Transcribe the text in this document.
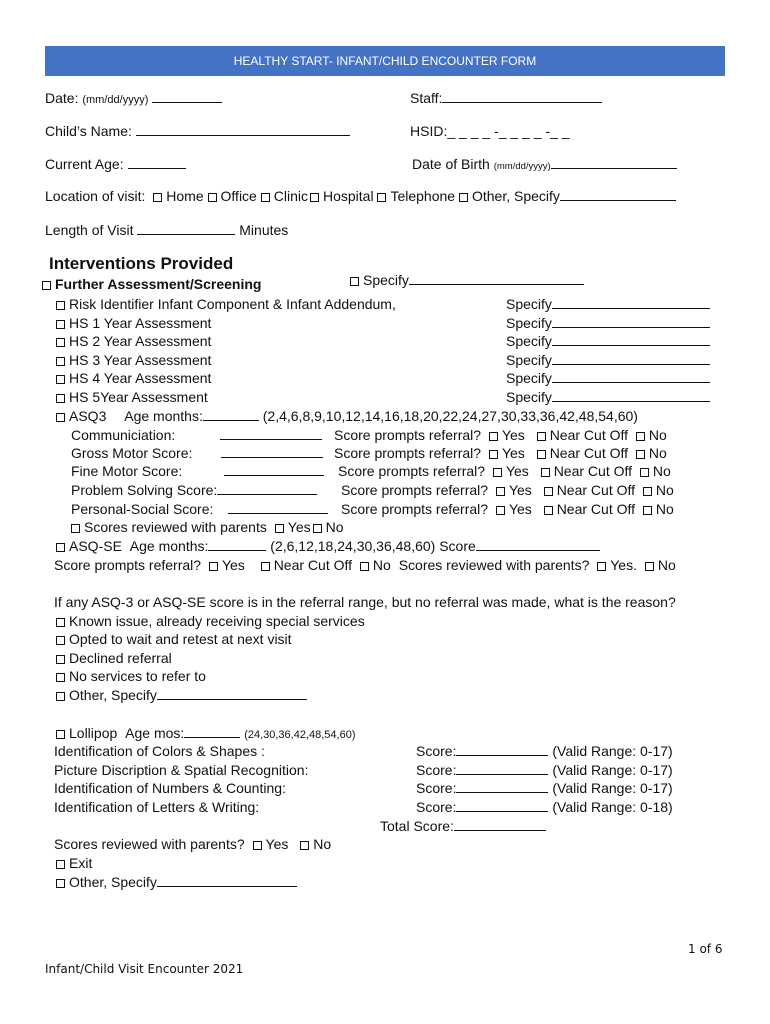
HEALTHY START- INFANT/CHILD ENCOUNTER FORM
Date: (mm/dd/yyyy)	Staff:
Child’s Name:	HSID:_ _ _ _ -_ _ _ _ -_ _
Current Age:	Date of Birth (mm/dd/yyyy)
Location of visit: Home Office Clinic Hospital Telephone Other, Specify
Length of Visit	Minutes
Interventions Provided
Further Assessment/Screening	Specify
Risk Identifier Infant Component & Infant Addendum,	Specify
HS 1 Year Assessment	Specify
HS 2 Year Assessment	Specify
HS 3 Year Assessment	Specify
HS 4 Year Assessment	Specify
HS 5Year Assessment	Specify
ASQ3 Age months:	(2,4,6,8,9,10,12,14,16,18,20,22,24,27,30,33,36,42,48,54,60)
Communiciation:	Score prompts referral? Yes Near Cut Off No
Gross Motor Score:	Score prompts referral? Yes Near Cut Off No
Fine Motor Score:	Score prompts referral? Yes Near Cut Off No
Problem Solving Score:	Score prompts referral? Yes Near Cut Off No
Personal-Social Score:	Score prompts referral? Yes Near Cut Off No
Scores reviewed with parents Yes No
ASQ-SE Age months:	(2,6,12,18,24,30,36,48,60) Score
Score prompts referral? Yes Near Cut Off No Scores reviewed with parents? Yes. No
If any ASQ-3 or ASQ-SE score is in the referral range, but no referral was made, what is the reason?
Known issue, already receiving special services
Opted to wait and retest at next visit
Declined referral
No services to refer to
Other, Specify
Lollipop Age mos:	(24,30,36,42,48,54,60)
Identification of Colors & Shapes :	Score:	(Valid Range: 0-17)
Picture Discription & Spatial Recognition:	Score:	(Valid Range: 0-17)
Identification of Numbers & Counting:	Score:	(Valid Range: 0-17)
Identification of Letters & Writing:	Score:	(Valid Range: 0-18)
Total Score:
Scores reviewed with parents? Yes No
Exit
Other, Specify
1 of 6
Infant/Child Visit Encounter 2021
